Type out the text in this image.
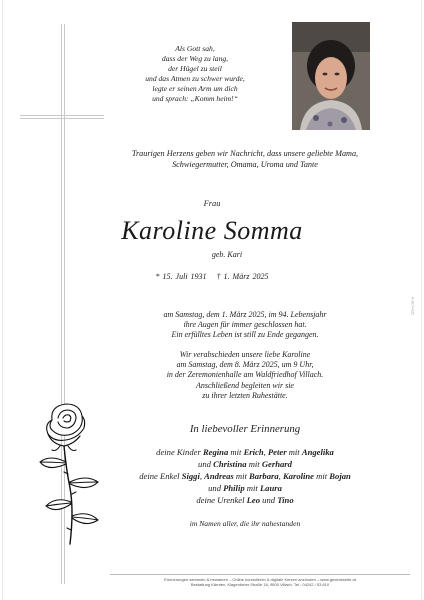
Als Gott sah,
dass der Weg zu lang,
der Hügel zu steil
und das Atmen zu schwer wurde,
legte er seinen Arm um dich
und sprach: „Komm heim!“
Traurigen Herzens geben wir Nachricht, dass unsere geliebte Mama,
Schwiegermutter, Omama, Uroma und Tante
Frau
Karoline Somma
geb. Kari
* 15. Juli 1931 † 1. März 2025
am Samstag, dem 1. März 2025, im 94. Lebensjahr
ihre Augen für immer geschlossen hat.
Ein erfülltes Leben ist still zu Ende gegangen.
Wir verabschieden unsere liebe Karoline
am Samstag, dem 8. März 2025, um 9 Uhr,
in der Zeremonienhalle am Waldfriedhof Villach.
Anschließend begleiten wir sie
zu ihrer letzten Ruhestätte.
In liebevoller Erinnerung
deine Kinder Regina mit Erich, Peter mit Angelika
und Christina mit Gerhard
deine Enkel Siggi, Andreas mit Barbara, Karoline mit Bojan
und Philip mit Laura
deine Urenkel Leo und Tino
im Namen aller, die ihr nahestanden
Erinnerungen sammeln & bewahren – Online kondolieren & digitale Kerzen anzünden – www.gedenkseite.at
Bestattung Kärnten, Klagenfurter Straße 16, 9500 Villach, Tel.: 04242 / 53 810
A-1674-025
